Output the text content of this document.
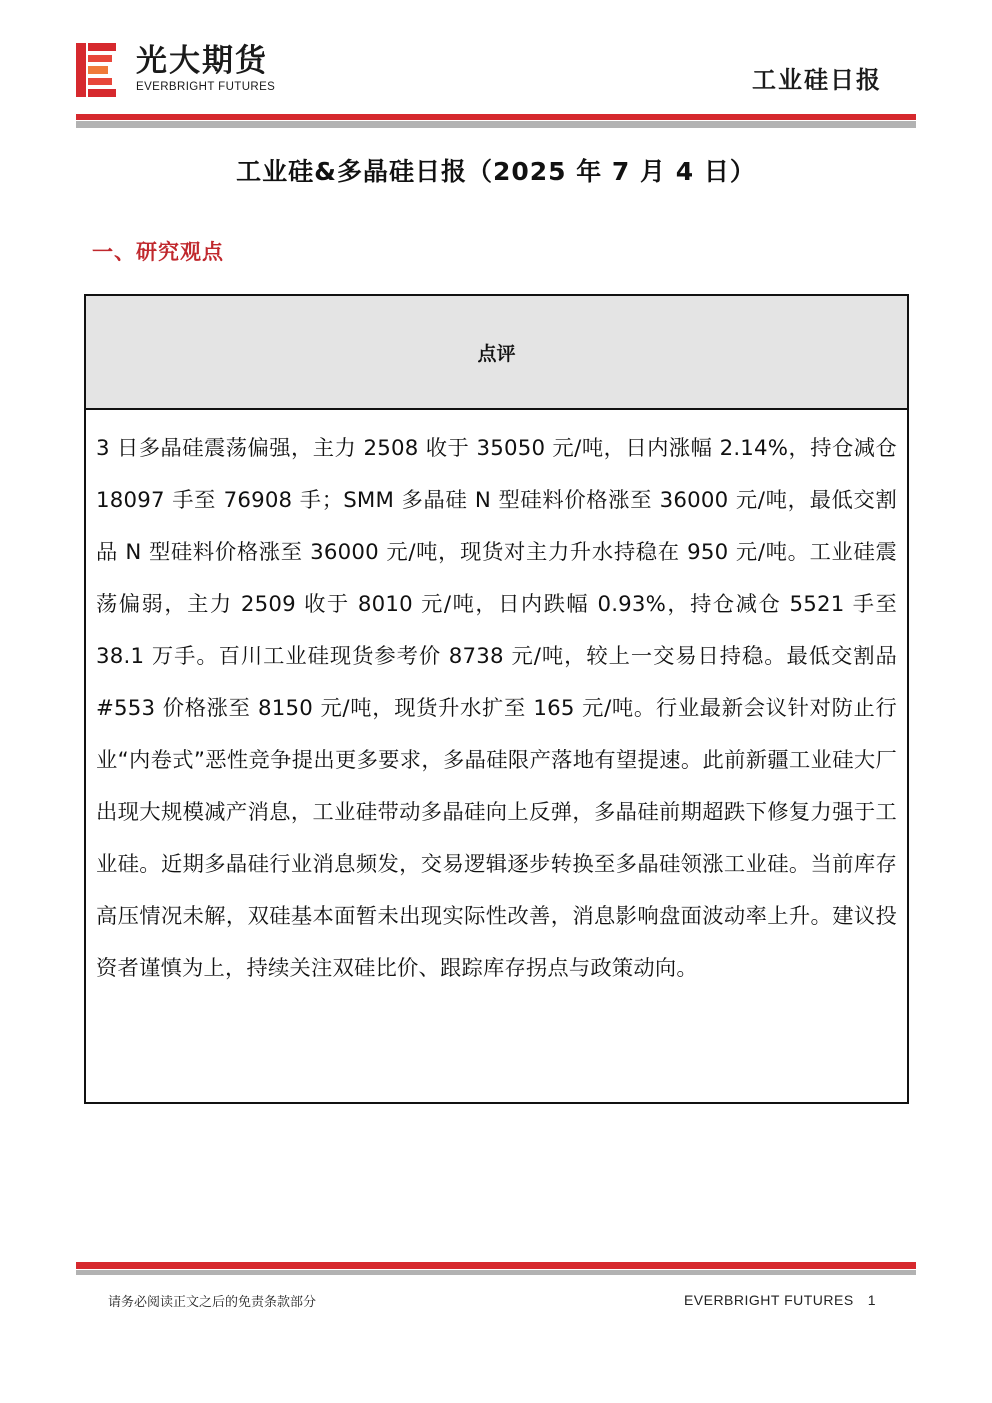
光大期货
EVERBRIGHT FUTURES	工业硅日报
工业硅&多晶硅日报（2025 年 7 月 4 日）
一、研究观点
点评
3 日多晶硅震荡偏强，主力 2508 收于 35050 元/吨，日内涨幅 2.14%，持仓减仓 18097 手至 76908 手；SMM 多晶硅 N 型硅料价格涨至 36000 元/吨，最低交割品 N 型硅料价格涨至 36000 元/吨，现货对主力升水持稳在 950 元/吨。工业硅震荡偏弱，主力 2509 收于 8010 元/吨，日内跌幅 0.93%，持仓减仓 5521 手至 38.1 万手。百川工业硅现货参考价 8738 元/吨，较上一交易日持稳。最低交割品#553 价格涨至 8150 元/吨，现货升水扩至 165 元/吨。行业最新会议针对防止行业“内卷式”恶性竞争提出更多要求，多晶硅限产落地有望提速。此前新疆工业硅大厂出现大规模减产消息，工业硅带动多晶硅向上反弹，多晶硅前期超跌下修复力强于工业硅。近期多晶硅行业消息频发，交易逻辑逐步转换至多晶硅领涨工业硅。当前库存高压情况未解，双硅基本面暂未出现实际性改善，消息影响盘面波动率上升。建议投资者谨慎为上，持续关注双硅比价、跟踪库存拐点与政策动向。
请务必阅读正文之后的免责条款部分	EVERBRIGHT FUTURES 1
